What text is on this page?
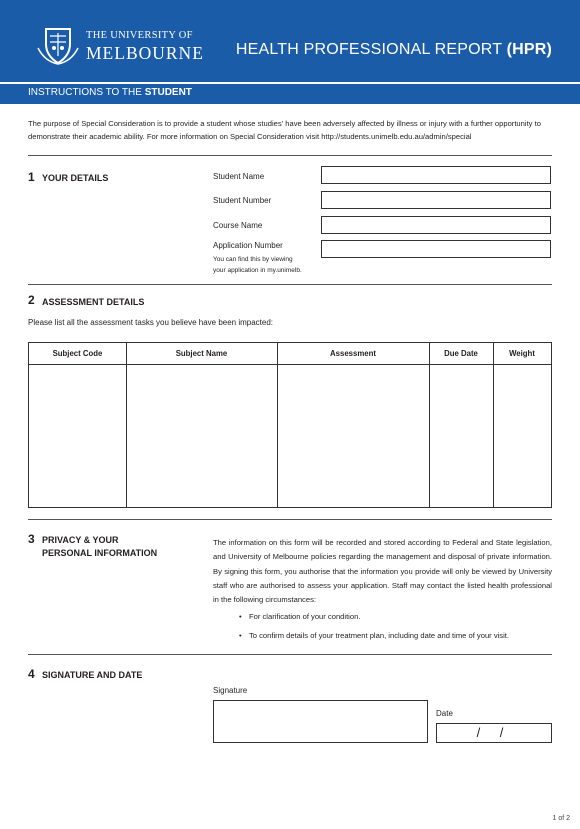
THE UNIVERSITY OF
MELBOURNE HEALTH PROFESSIONAL REPORT (HPR)
INSTRUCTIONS TO THE STUDENT
The purpose of Special Consideration is to provide a student whose studies' have been adversely affected by illness or injury with a further opportunity to demonstrate their academic ability. For more information on Special Consideration visit http://students.unimelb.edu.au/admin/special
1 YOUR DETAILS	Student Name
Student Number
Course Name
Application Number
You can find this by viewing
your application in my.unimelb.
2 ASSESSMENT DETAILS
Please list all the assessment tasks you believe have been impacted:
Subject Code	Subject Name	Assessment	Due Date	Weight
3 PRIVACY & YOUR
PERSONAL INFORMATION
The information on this form will be recorded and stored according to Federal and State legislation, and University of Melbourne policies regarding the management and disposal of private information. By signing this form, you authorise that the information you provide will only be viewed by University staff who are authorised to assess your application. Staff may contact the listed health professional in the following circumstances:
• For clarification of your condition.
• To confirm details of your treatment plan, including date and time of your visit.
4 SIGNATURE AND DATE
Signature
Date
/ /
1 of 2
